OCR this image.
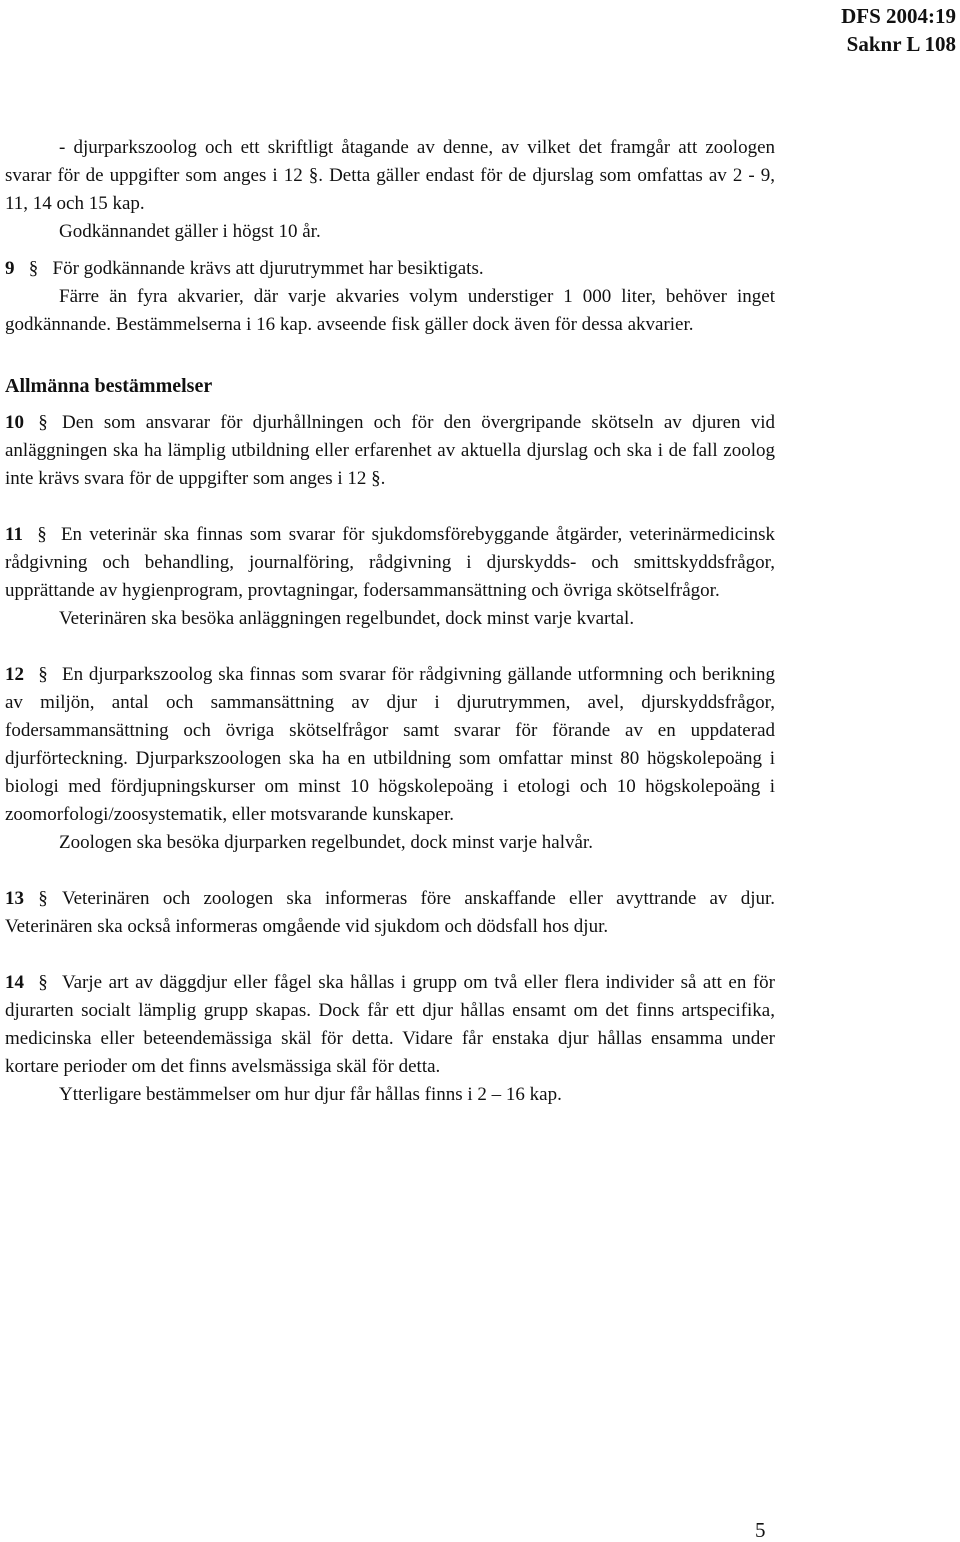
DFS 2004:19
Saknr L 108

- djurparkszoolog och ett skriftligt åtagande av denne, av vilket det framgår att zoologen svarar för de uppgifter som anges i 12 §. Detta gäller endast för de djurslag som omfattas av 2 - 9, 11, 14 och 15 kap.

Godkännandet gäller i högst 10 år.

9 § För godkännande krävs att djurutrymmet har besiktigats.

Färre än fyra akvarier, där varje akvaries volym understiger 1 000 liter, behöver inget godkännande. Bestämmelserna i 16 kap. avseende fisk gäller dock även för dessa akvarier.

Allmänna bestämmelser

10 § Den som ansvarar för djurhållningen och för den övergripande skötseln av djuren vid anläggningen ska ha lämplig utbildning eller erfarenhet av aktuella djurslag och ska i de fall zoolog inte krävs svara för de uppgifter som anges i 12 §.

11 § En veterinär ska finnas som svarar för sjukdomsförebyggande åtgärder, veterinärmedicinsk rådgivning och behandling, journalföring, rådgivning i djurskydds- och smittskyddsfrågor, upprättande av hygienprogram, provtagningar, fodersammansättning och övriga skötselfrågor.

Veterinären ska besöka anläggningen regelbundet, dock minst varje kvartal.

12 § En djurparkszoolog ska finnas som svarar för rådgivning gällande utformning och berikning av miljön, antal och sammansättning av djur i djurutrymmen, avel, djurskyddsfrågor, fodersammansättning och övriga skötselfrågor samt svarar för förande av en uppdaterad djurförteckning. Djurparkszoologen ska ha en utbildning som omfattar minst 80 högskolepoäng i biologi med fördjupningskurser om minst 10 högskolepoäng i etologi och 10 högskolepoäng i zoomorfologi/zoosystematik, eller motsvarande kunskaper.

Zoologen ska besöka djurparken regelbundet, dock minst varje halvår.

13 § Veterinären och zoologen ska informeras före anskaffande eller avyttrande av djur. Veterinären ska också informeras omgående vid sjukdom och dödsfall hos djur.

14 § Varje art av däggdjur eller fågel ska hållas i grupp om två eller flera individer så att en för djurarten socialt lämplig grupp skapas. Dock får ett djur hållas ensamt om det finns artspecifika, medicinska eller beteendemässiga skäl för detta. Vidare får enstaka djur hållas ensamma under kortare perioder om det finns avelsmässiga skäl för detta.

Ytterligare bestämmelser om hur djur får hållas finns i 2 – 16 kap.

5
